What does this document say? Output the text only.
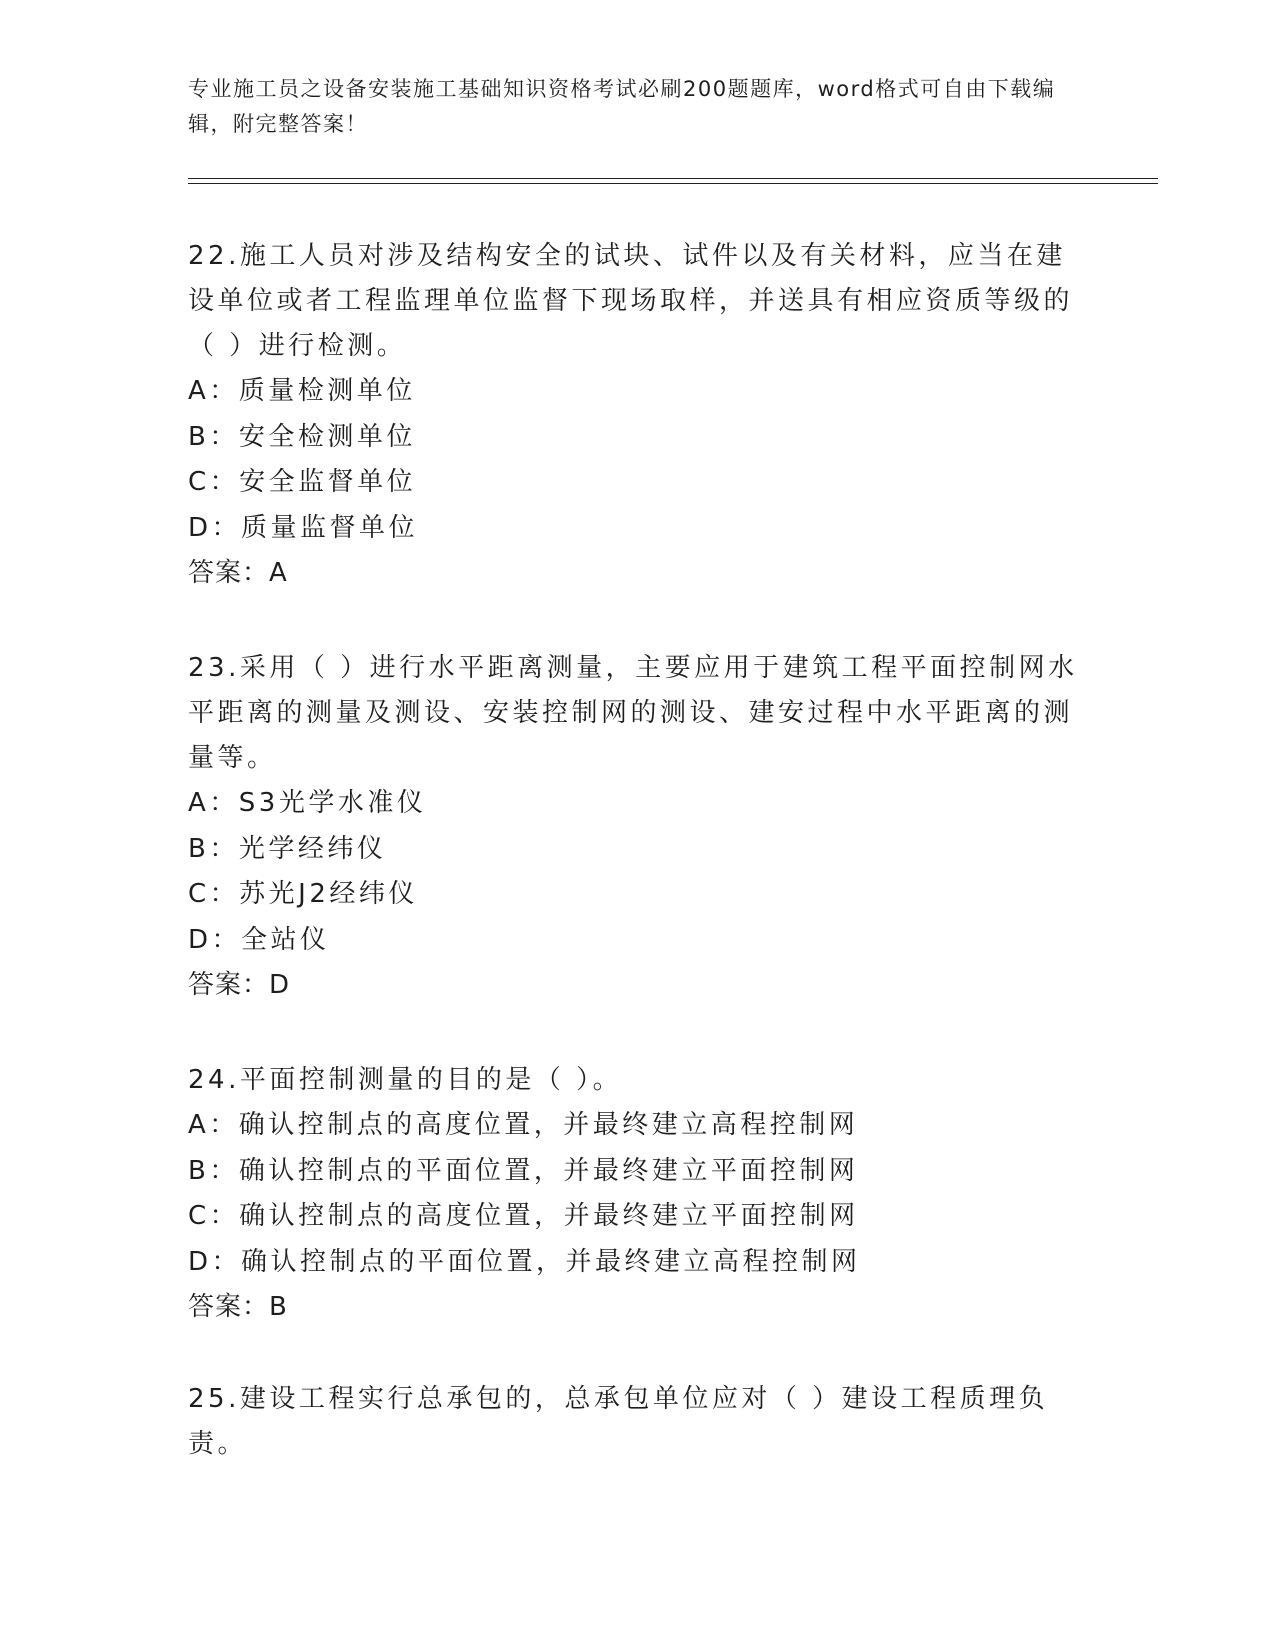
专业施工员之设备安装施工基础知识资格考试必刷200题题库，word格式可自由下载编辑，附完整答案！

22.施工人员对涉及结构安全的试块、试件以及有关材料，应当在建设单位或者工程监理单位监督下现场取样，并送具有相应资质等级的（ ）进行检测。

A：质量检测单位
B：安全检测单位
C：安全监督单位
D：质量监督单位

答案：A

23.采用（ ）进行水平距离测量，主要应用于建筑工程平面控制网水平距离的测量及测设、安装控制网的测设、建安过程中水平距离的测量等。

A：S3光学水准仪
B：光学经纬仪
C：苏光J2经纬仪
D：全站仪

答案：D

24.平面控制测量的目的是（ ）。

A：确认控制点的高度位置，并最终建立高程控制网
B：确认控制点的平面位置，并最终建立平面控制网
C：确认控制点的高度位置，并最终建立平面控制网
D：确认控制点的平面位置，并最终建立高程控制网

答案：B

25.建设工程实行总承包的，总承包单位应对（ ）建设工程质理负责。
